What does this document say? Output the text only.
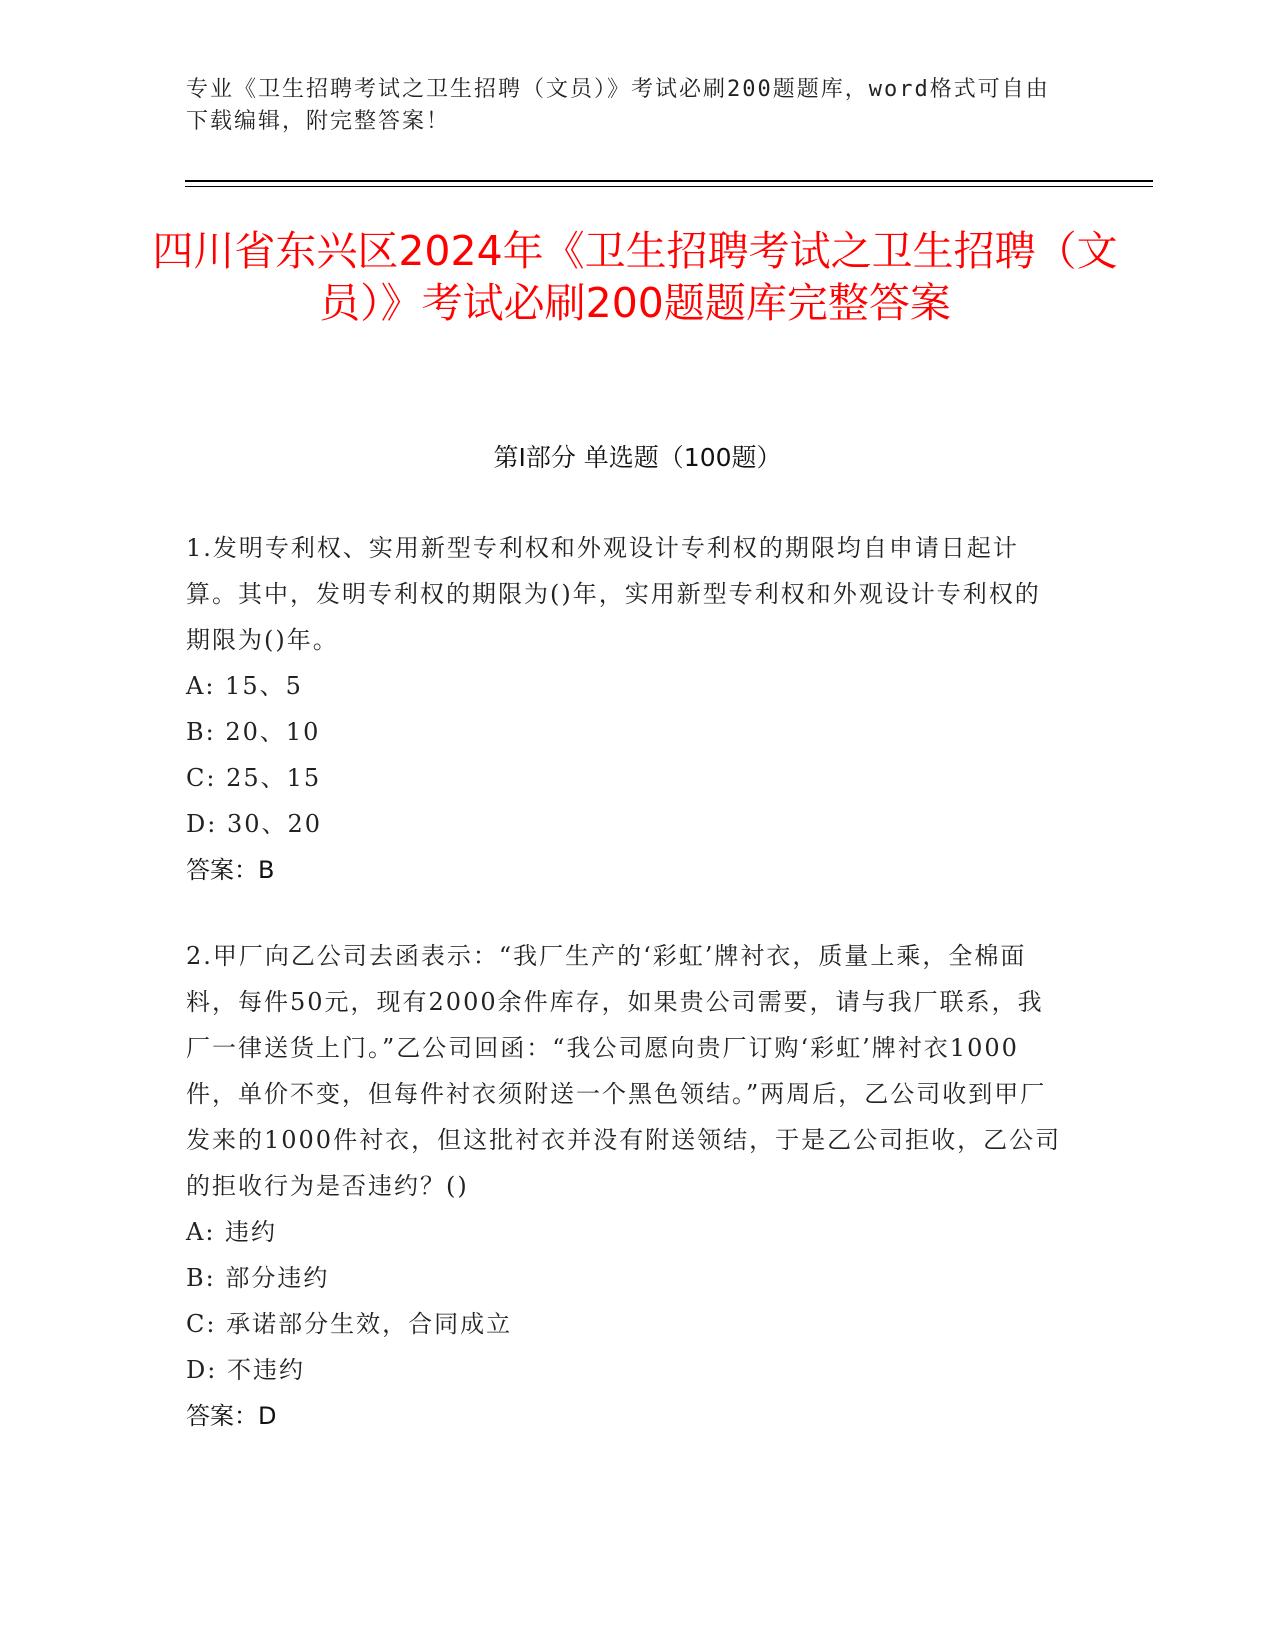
专业《卫生招聘考试之卫生招聘（文员）》考试必刷200题题库，word格式可自由下载编辑，附完整答案！
四川省东兴区2024年《卫生招聘考试之卫生招聘（文员）》考试必刷200题题库完整答案
第I部分 单选题（100题）

1.发明专利权、实用新型专利权和外观设计专利权的期限均自申请日起计算。其中，发明专利权的期限为()年，实用新型专利权和外观设计专利权的期限为()年。

A: 15、5

B: 20、10

C: 25、15

D: 30、20

答案：B

2.甲厂向乙公司去函表示：“我厂生产的‘彩虹’牌衬衣，质量上乘，全棉面料，每件50元，现有2000余件库存，如果贵公司需要，请与我厂联系，我厂一律送货上门。”乙公司回函：“我公司愿向贵厂订购‘彩虹’牌衬衣1000件，单价不变，但每件衬衣须附送一个黑色领结。”两周后，乙公司收到甲厂发来的1000件衬衣，但这批衬衣并没有附送领结，于是乙公司拒收，乙公司的拒收行为是否违约？()

A: 违约

B: 部分违约

C: 承诺部分生效，合同成立

D: 不违约

答案：D
